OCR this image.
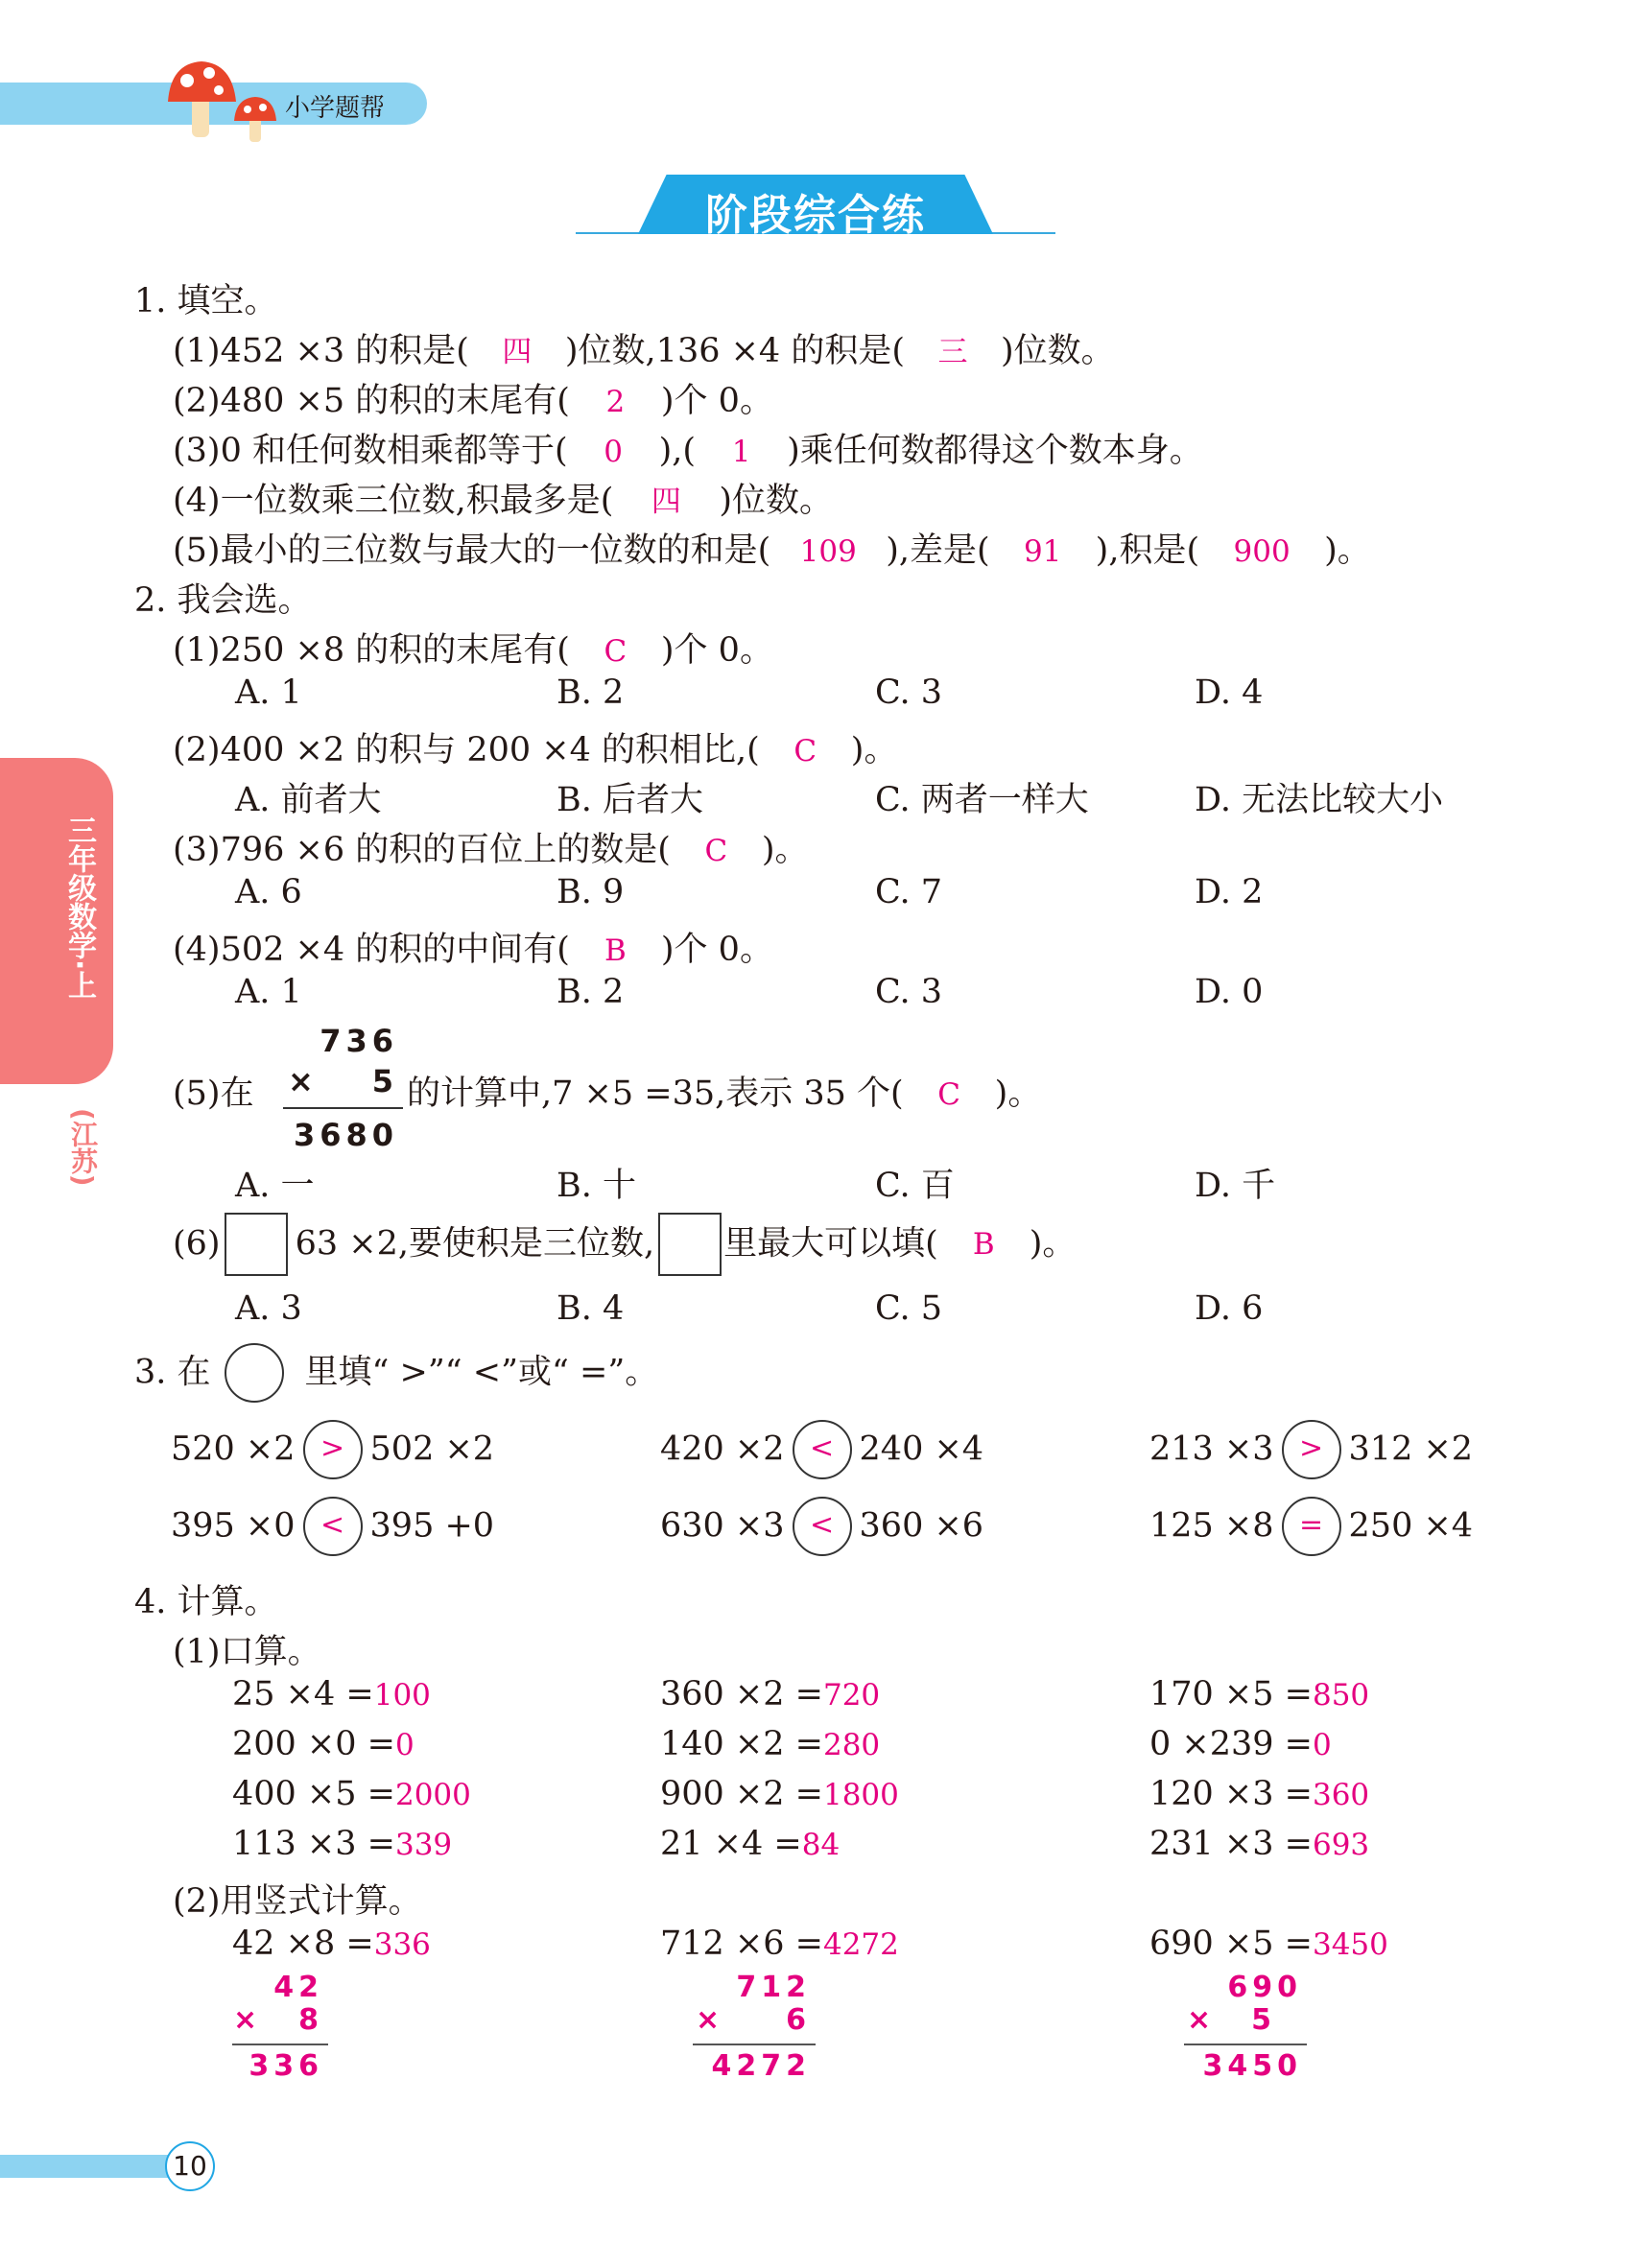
小学题帮
阶段综合练
三年级数学·上
(江苏)
1. 填空。
(1)452 ×3 的积是( 四 )位数,136 ×4 的积是( 三 )位数。
(2)480 ×5 的积的末尾有( 2 )个 0。
(3)0 和任何数相乘都等于( 0 ),( 1 )乘任何数都得这个数本身。
(4)一位数乘三位数,积最多是( 四 )位数。
(5)最小的三位数与最大的一位数的和是( 109 ),差是( 91 ),积是( 900 )。
2. 我会选。
(1)250 ×8 的积的末尾有( C )个 0。
A. 1	B. 2	C. 3	D. 4
(2)400 ×2 的积与 200 ×4 的积相比,( C )。
A. 前者大	B. 后者大	C. 两者一样大	D. 无法比较大小
(3)796 ×6 的积的百位上的数是( C )。
A. 6	B. 9	C. 7	D. 2
(4)502 ×4 的积的中间有( B )个 0。
A. 1	B. 2	C. 3	D. 0
(5)在
736
×	5
3680
的计算中,7 ×5 =35,表示 35 个( C )。
A. 一	B. 十	C. 百	D. 千
(6) 63 ×2,要使积是三位数, 里最大可以填( B )。
A. 3	B. 4	C. 5	D. 6
3. 在	里填“ >”“ <”或“ =”。
520 ×2 > 502 ×2	420 ×2 < 240 ×4	213 ×3 > 312 ×2
395 ×0 < 395 +0	630 ×3 < 360 ×6	125 ×8 = 250 ×4
4. 计算。
(1)口算。
25 ×4 =100	360 ×2 =720	170 ×5 =850
200 ×0 =0	140 ×2 =280	0 ×239 =0
400 ×5 =2000	900 ×2 =1800	120 ×3 =360
113 ×3 =339	21 ×4 =84	231 ×3 =693
(2)用竖式计算。
42 ×8 =336
42
×	8
336
712 ×6 =4272
712
×	6
4272
690 ×5 =3450
690
×	5
3450
10
